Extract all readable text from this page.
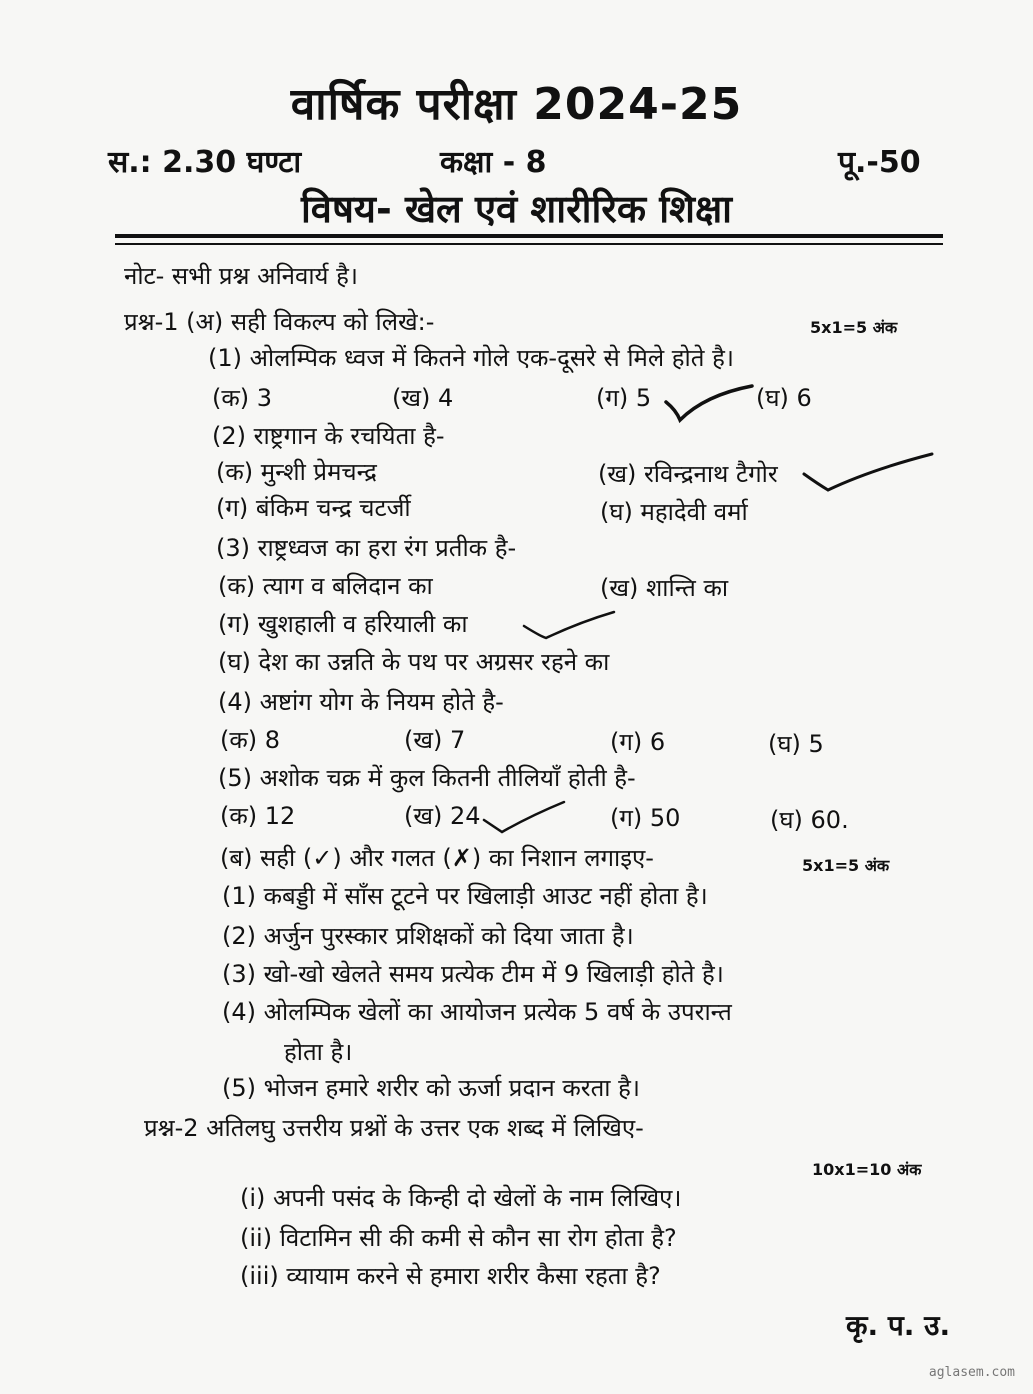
वार्षिक परीक्षा 2024-25
स.: 2.30 घण्टा	कक्षा - 8	पू.-50
विषय- खेल एवं शारीरिक शिक्षा
नोट- सभी प्रश्न अनिवार्य है।
प्रश्न-1 (अ) सही विकल्प को लिखे:-	5x1=5 अंक
(1) ओलम्पिक ध्वज में कितने गोले एक-दूसरे से मिले होते है।
(क) 3	(ख) 4	(ग) 5	(घ) 6
(2) राष्ट्रगान के रचयिता है-
(क) मुन्शी प्रेमचन्द्र	(ख) रविन्द्रनाथ टैगोर
(ग) बंकिम चन्द्र चटर्जी	(घ) महादेवी वर्मा
(3) राष्ट्रध्वज का हरा रंग प्रतीक है-
(क) त्याग व बलिदान का	(ख) शान्ति का
(ग) खुशहाली व हरियाली का
(घ) देश का उन्नति के पथ पर अग्रसर रहने का
(4) अष्टांग योग के नियम होते है-
(क) 8	(ख) 7	(ग) 6	(घ) 5
(5) अशोक चक्र में कुल कितनी तीलियाँ होती है-
(क) 12	(ख) 24	(ग) 50	(घ) 60.
(ब) सही (✓) और गलत (✗) का निशान लगाइए-	5x1=5 अंक
(1) कबड्डी में साँस टूटने पर खिलाड़ी आउट नहीं होता है।
(2) अर्जुन पुरस्कार प्रशिक्षकों को दिया जाता है।
(3) खो-खो खेलते समय प्रत्येक टीम में 9 खिलाड़ी होते है।
(4) ओलम्पिक खेलों का आयोजन प्रत्येक 5 वर्ष के उपरान्त
होता है।
(5) भोजन हमारे शरीर को ऊर्जा प्रदान करता है।
प्रश्न-2 अतिलघु उत्तरीय प्रश्नों के उत्तर एक शब्द में लिखिए-
10x1=10 अंक
(i) अपनी पसंद के किन्ही दो खेलों के नाम लिखिए।
(ii) विटामिन सी की कमी से कौन सा रोग होता है?
(iii) व्यायाम करने से हमारा शरीर कैसा रहता है?
कृ. प. उ.
aglasem.com
